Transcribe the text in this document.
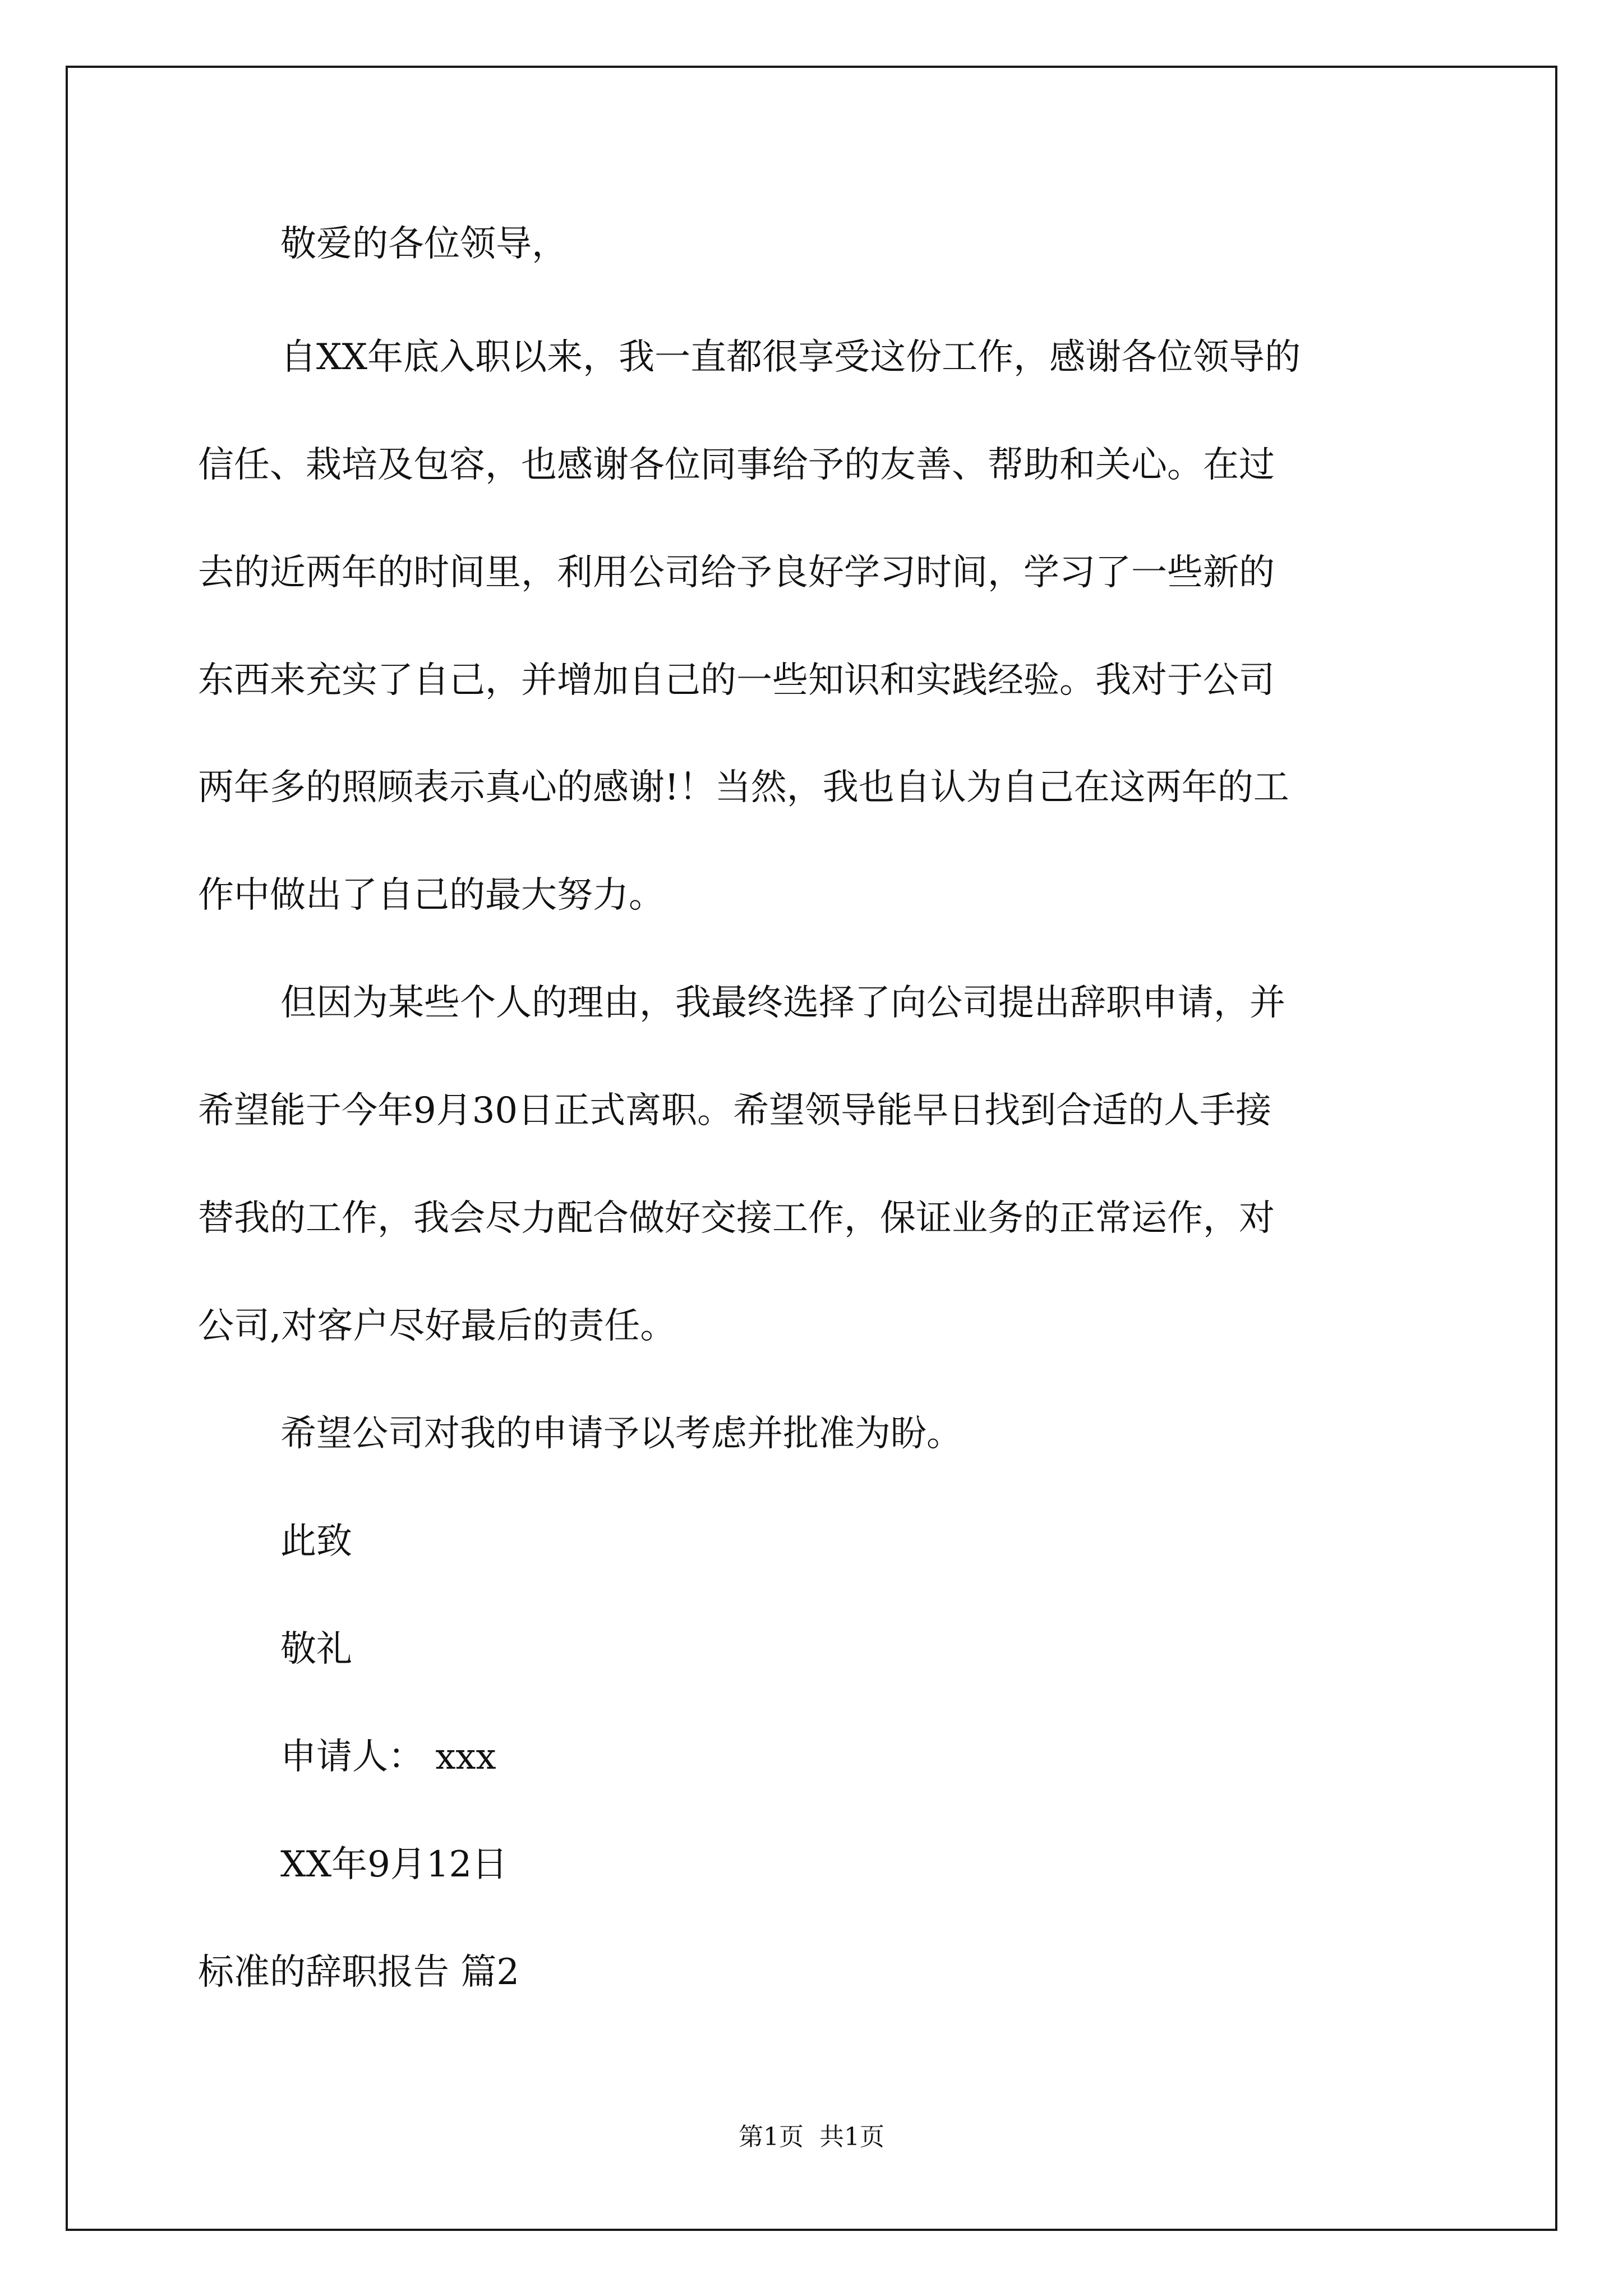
敬爱的各位领导，
自XX年底入职以来，我一直都很享受这份工作，感谢各位领导的
信任、栽培及包容，也感谢各位同事给予的友善、帮助和关心。在过
去的近两年的时间里，利用公司给予良好学习时间，学习了一些新的
东西来充实了自己，并增加自己的一些知识和实践经验。我对于公司
两年多的照顾表示真心的感谢!！当然，我也自认为自己在这两年的工
作中做出了自己的最大努力。
但因为某些个人的理由，我最终选择了向公司提出辞职申请，并
希望能于今年9月30日正式离职。希望领导能早日找到合适的人手接
替我的工作，我会尽力配合做好交接工作，保证业务的正常运作，对
公司,对客户尽好最后的责任。
希望公司对我的申请予以考虑并批准为盼。
此致
敬礼
申请人： xxx
XX年9月12日
标准的辞职报告 篇2
第1页 共1页
